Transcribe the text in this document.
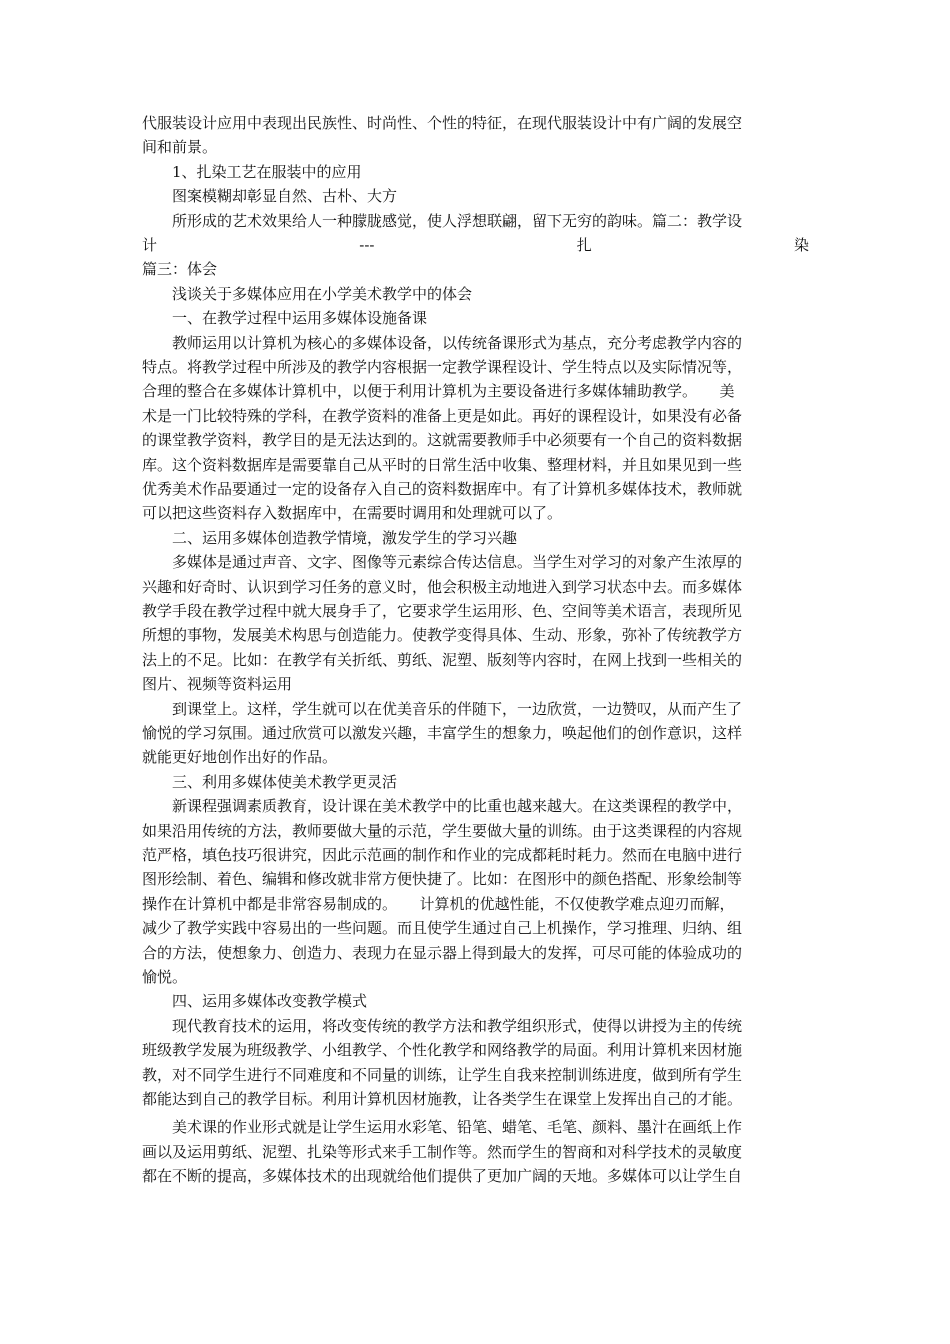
代服装设计应用中表现出民族性、时尚性、个性的特征，在现代服装设计中有广阔的发展空
间和前景。
1、扎染工艺在服装中的应用
图案模糊却彰显自然、古朴、大方
所形成的艺术效果给人一种朦胧感觉，使人浮想联翩，留下无穷的韵味。篇二：教学设
计	---	扎	染
篇三：体会
浅谈关于多媒体应用在小学美术教学中的体会
一、在教学过程中运用多媒体设施备课
教师运用以计算机为核心的多媒体设备，以传统备课形式为基点，充分考虑教学内容的
特点。将教学过程中所涉及的教学内容根据一定教学课程设计、学生特点以及实际情况等，
合理的整合在多媒体计算机中，以便于利用计算机为主要设备进行多媒体辅助教学。　　美
术是一门比较特殊的学科，在教学资料的准备上更是如此。再好的课程设计，如果没有必备
的课堂教学资料，教学目的是无法达到的。这就需要教师手中必须要有一个自己的资料数据
库。这个资料数据库是需要靠自己从平时的日常生活中收集、整理材料，并且如果见到一些
优秀美术作品要通过一定的设备存入自己的资料数据库中。有了计算机多媒体技术，教师就
可以把这些资料存入数据库中，在需要时调用和处理就可以了。
二、运用多媒体创造教学情境，激发学生的学习兴趣
多媒体是通过声音、文字、图像等元素综合传达信息。当学生对学习的对象产生浓厚的
兴趣和好奇时、认识到学习任务的意义时，他会积极主动地进入到学习状态中去。而多媒体
教学手段在教学过程中就大展身手了，它要求学生运用形、色、空间等美术语言，表现所见
所想的事物，发展美术构思与创造能力。使教学变得具体、生动、形象，弥补了传统教学方
法上的不足。比如：在教学有关折纸、剪纸、泥塑、版刻等内容时，在网上找到一些相关的
图片、视频等资料运用
到课堂上。这样，学生就可以在优美音乐的伴随下，一边欣赏，一边赞叹，从而产生了
愉悦的学习氛围。通过欣赏可以激发兴趣，丰富学生的想象力，唤起他们的创作意识，这样
就能更好地创作出好的作品。
三、利用多媒体使美术教学更灵活
新课程强调素质教育，设计课在美术教学中的比重也越来越大。在这类课程的教学中，
如果沿用传统的方法，教师要做大量的示范，学生要做大量的训练。由于这类课程的内容规
范严格，填色技巧很讲究，因此示范画的制作和作业的完成都耗时耗力。然而在电脑中进行
图形绘制、着色、编辑和修改就非常方便快捷了。比如：在图形中的颜色搭配、形象绘制等
操作在计算机中都是非常容易制成的。　　计算机的优越性能，不仅使教学难点迎刃而解，
减少了教学实践中容易出的一些问题。而且使学生通过自己上机操作，学习推理、归纳、组
合的方法，使想象力、创造力、表现力在显示器上得到最大的发挥，可尽可能的体验成功的
愉悦。
四、运用多媒体改变教学模式
现代教育技术的运用，将改变传统的教学方法和教学组织形式，使得以讲授为主的传统
班级教学发展为班级教学、小组教学、个性化教学和网络教学的局面。利用计算机来因材施
教，对不同学生进行不同难度和不同量的训练，让学生自我来控制训练进度，做到所有学生
都能达到自己的教学目标。利用计算机因材施教，让各类学生在课堂上发挥出自己的才能。
美术课的作业形式就是让学生运用水彩笔、铅笔、蜡笔、毛笔、颜料、墨汁在画纸上作
画以及运用剪纸、泥塑、扎染等形式来手工制作等。然而学生的智商和对科学技术的灵敏度
都在不断的提高，多媒体技术的出现就给他们提供了更加广阔的天地。多媒体可以让学生自
